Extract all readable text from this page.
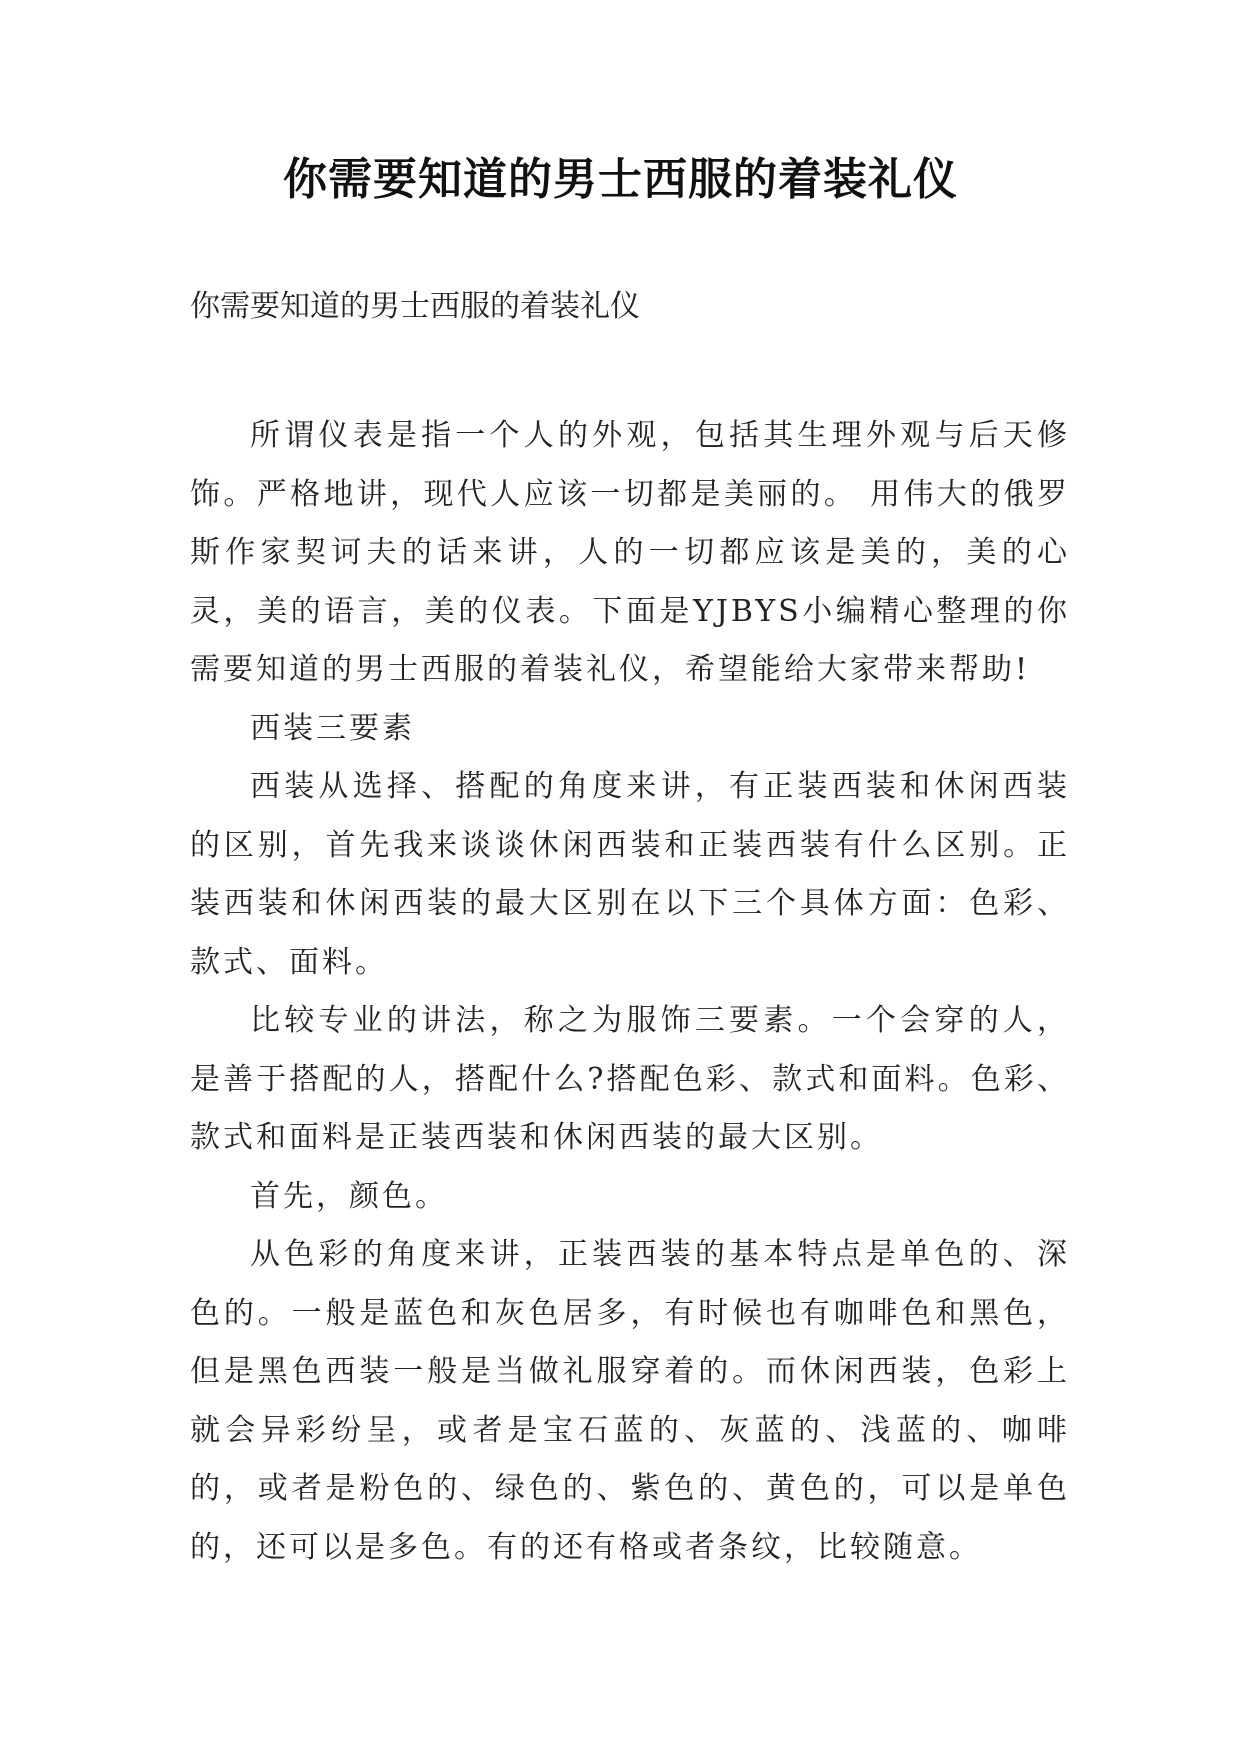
你需要知道的男士西服的着装礼仪

你需要知道的男士西服的着装礼仪

所谓仪表是指一个人的外观，包括其生理外观与后天修饰。严格地讲，现代人应该一切都是美丽的。 用伟大的俄罗斯作家契诃夫的话来讲，人的一切都应该是美的，美的心灵，美的语言，美的仪表。下面是YJBYS小编精心整理的你需要知道的男士西服的着装礼仪，希望能给大家带来帮助!

西装三要素

西装从选择、搭配的角度来讲，有正装西装和休闲西装的区别，首先我来谈谈休闲西装和正装西装有什么区别。正装西装和休闲西装的最大区别在以下三个具体方面：色彩、款式、面料。

比较专业的讲法，称之为服饰三要素。一个会穿的人，是善于搭配的人，搭配什么?搭配色彩、款式和面料。色彩、款式和面料是正装西装和休闲西装的最大区别。

首先，颜色。

从色彩的角度来讲，正装西装的基本特点是单色的、深色的。一般是蓝色和灰色居多，有时候也有咖啡色和黑色，但是黑色西装一般是当做礼服穿着的。而休闲西装，色彩上就会异彩纷呈，或者是宝石蓝的、灰蓝的、浅蓝的、咖啡的，或者是粉色的、绿色的、紫色的、黄色的，可以是单色的，还可以是多色。有的还有格或者条纹，比较随意。
